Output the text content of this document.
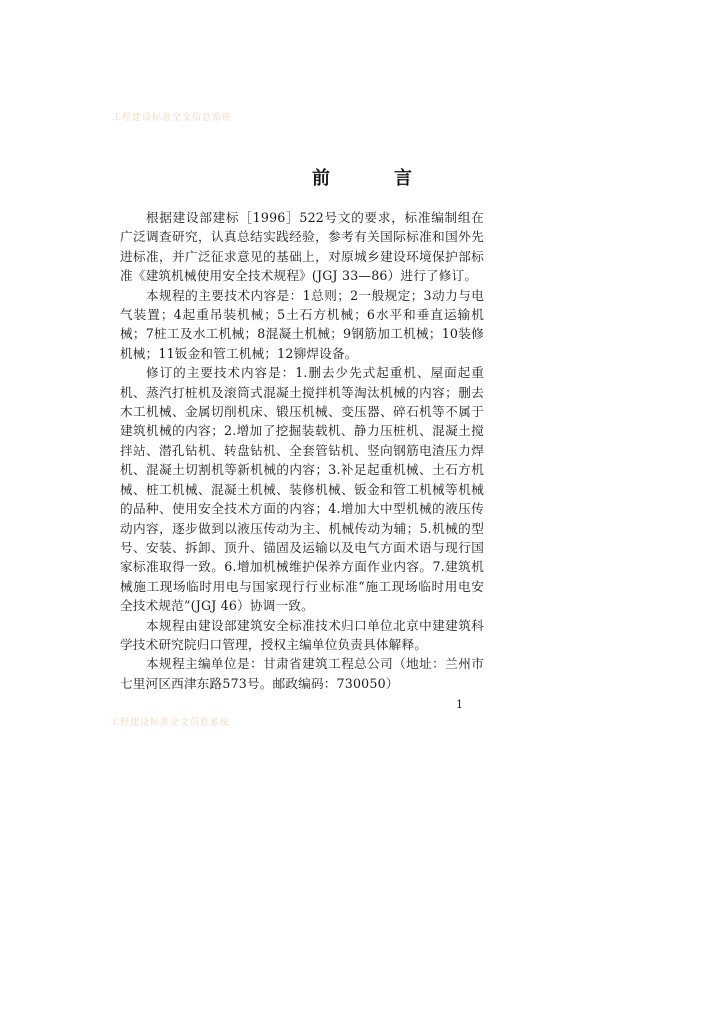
工程建设标准全文信息系统
前言

根据建设部建标［1996］522号文的要求，标准编制组在广泛调查研究，认真总结实践经验，参考有关国际标准和国外先进标准，并广泛征求意见的基础上，对原城乡建设环境保护部标准《建筑机械使用安全技术规程》(JGJ 33—86）进行了修订。

本规程的主要技术内容是：1总则；2一般规定；3动力与电气装置；4起重吊装机械；5土石方机械；6水平和垂直运输机械；7桩工及水工机械；8混凝土机械；9钢筋加工机械；10装修机械；11钣金和管工机械；12铆焊设备。

修订的主要技术内容是：1.删去少先式起重机、屋面起重机、蒸汽打桩机及滚筒式混凝土搅拌机等淘汰机械的内容；删去木工机械、金属切削机床、锻压机械、变压器、碎石机等不属于建筑机械的内容；2.增加了挖掘装载机、静力压桩机、混凝土搅拌站、潜孔钻机、转盘钻机、全套管钻机、竖向钢筋电渣压力焊机、混凝土切割机等新机械的内容；3.补足起重机械、土石方机械、桩工机械、混凝土机械、装修机械、钣金和管工机械等机械的品种、使用安全技术方面的内容；4.增加大中型机械的液压传动内容，逐步做到以液压传动为主、机械传动为辅；5.机械的型号、安装、拆卸、顶升、锚固及运输以及电气方面术语与现行国家标准取得一致。6.增加机械维护保养方面作业内容。7.建筑机械施工现场临时用电与国家现行行业标准“施工现场临时用电安全技术规范”(JGJ 46）协调一致。

本规程由建设部建筑安全标准技术归口单位北京中建建筑科学技术研究院归口管理，授权主编单位负责具体解释。

本规程主编单位是：甘肃省建筑工程总公司（地址：兰州市七里河区西津东路573号。邮政编码：730050）

1
工程建设标准全文信息系统
